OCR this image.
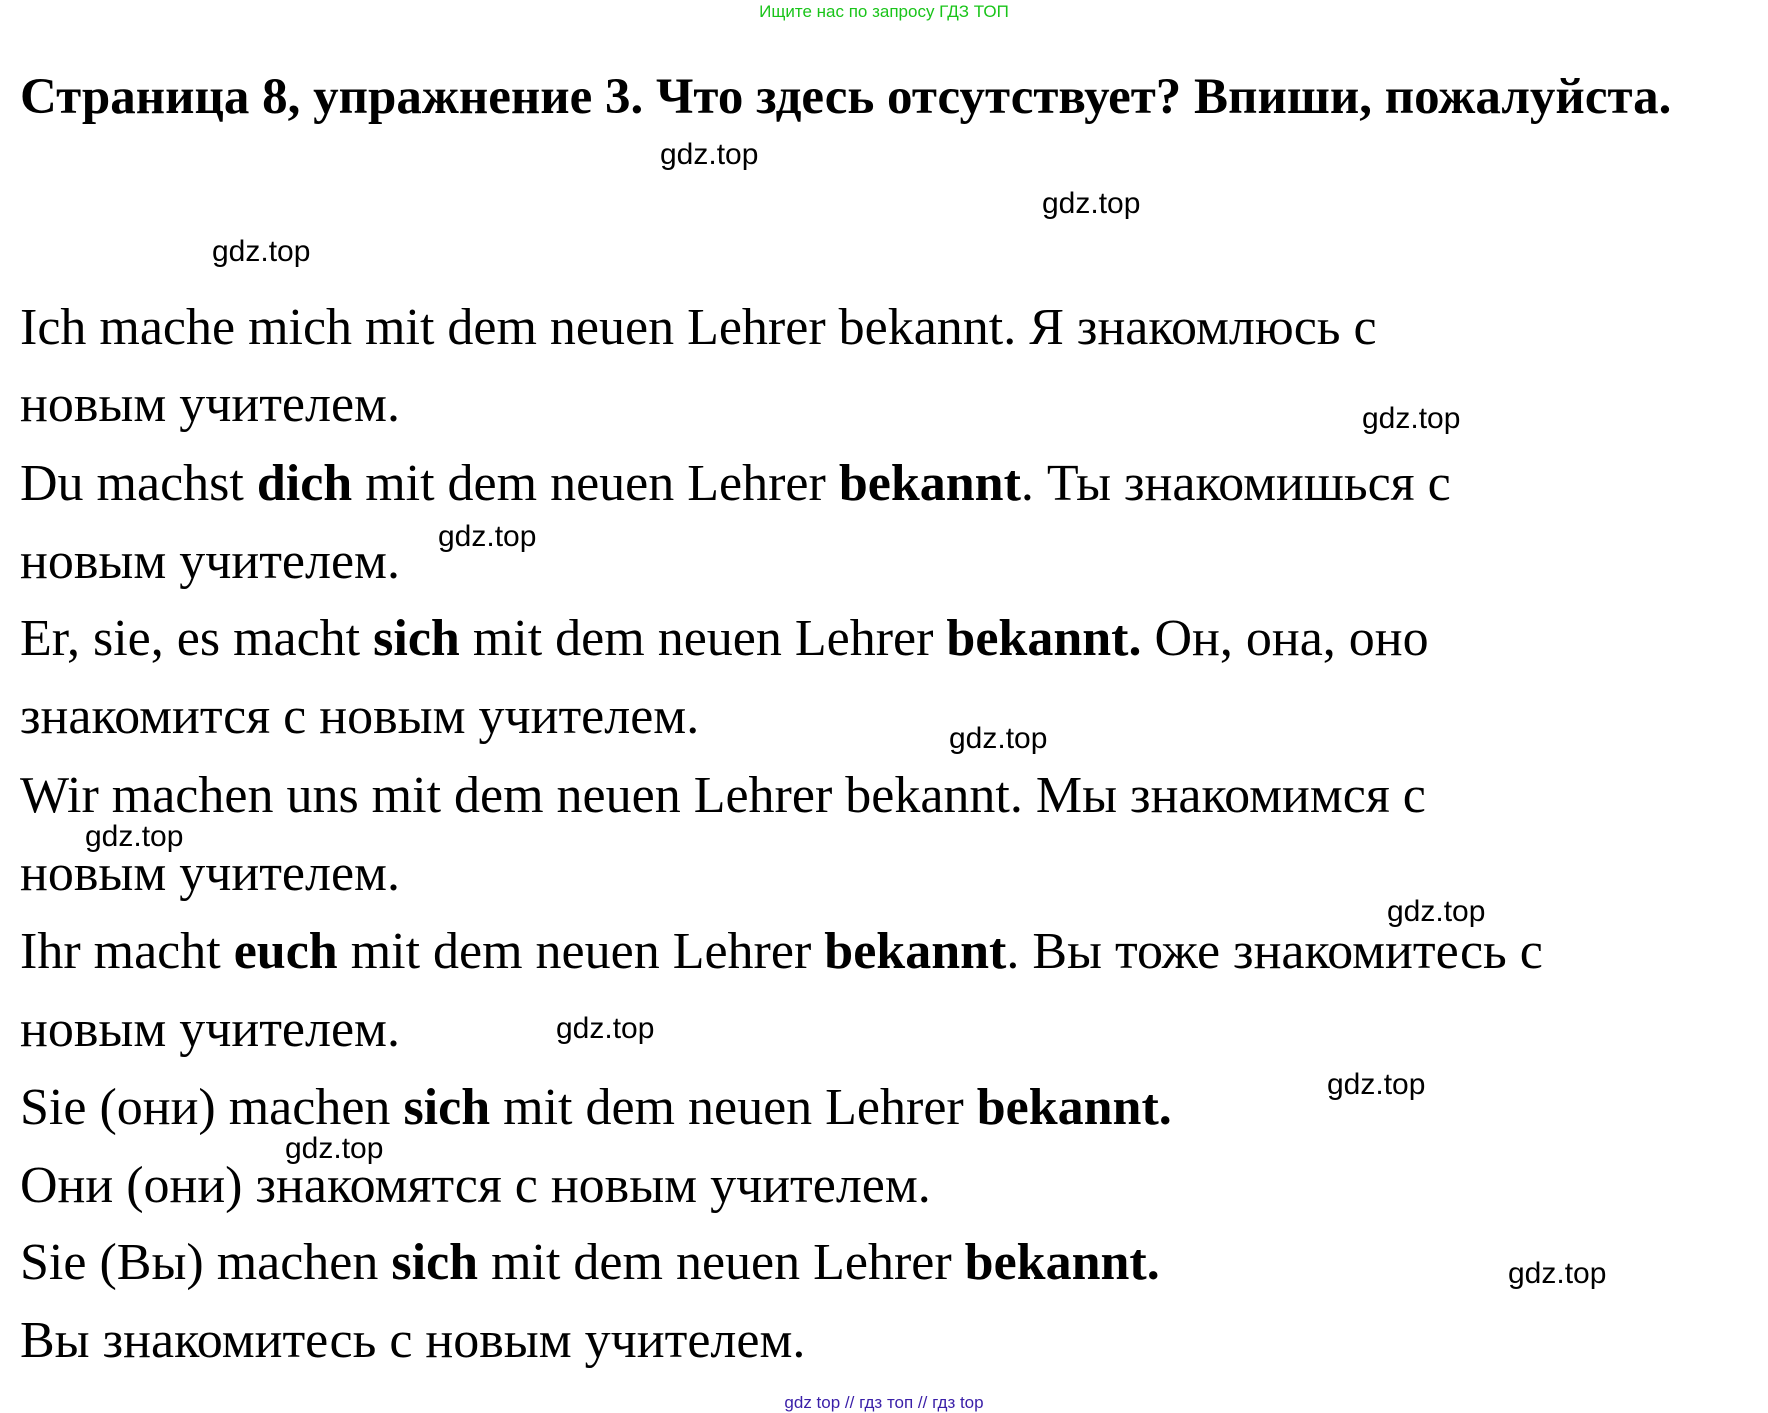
Ищите нас по запросу ГДЗ ТОП
Страница 8, упражнение 3. Что здесь отсутствует? Впиши, пожалуйста.
Ich mache mich mit dem neuen Lehrer bekannt. Я знакомлюсь с
новым учителем.
Du machst dich mit dem neuen Lehrer bekannt. Ты знакомишься с
новым учителем.
Er, sie, es macht sich mit dem neuen Lehrer bekannt. Он, она, оно
знакомится с новым учителем.
Wir machen uns mit dem neuen Lehrer bekannt. Мы знакомимся с
новым учителем.
Ihr macht euch mit dem neuen Lehrer bekannt. Вы тоже знакомитесь с
новым учителем.
Sie (они) machen sich mit dem neuen Lehrer bekannt.
Они (они) знакомятся с новым учителем.
Sie (Вы) machen sich mit dem neuen Lehrer bekannt.
Вы знакомитесь с новым учителем.
gdz.top
gdz.top
gdz.top
gdz.top
gdz.top
gdz.top
gdz.top
gdz.top
gdz.top
gdz.top
gdz.top
gdz.top
gdz top // гдз топ // гдз top
